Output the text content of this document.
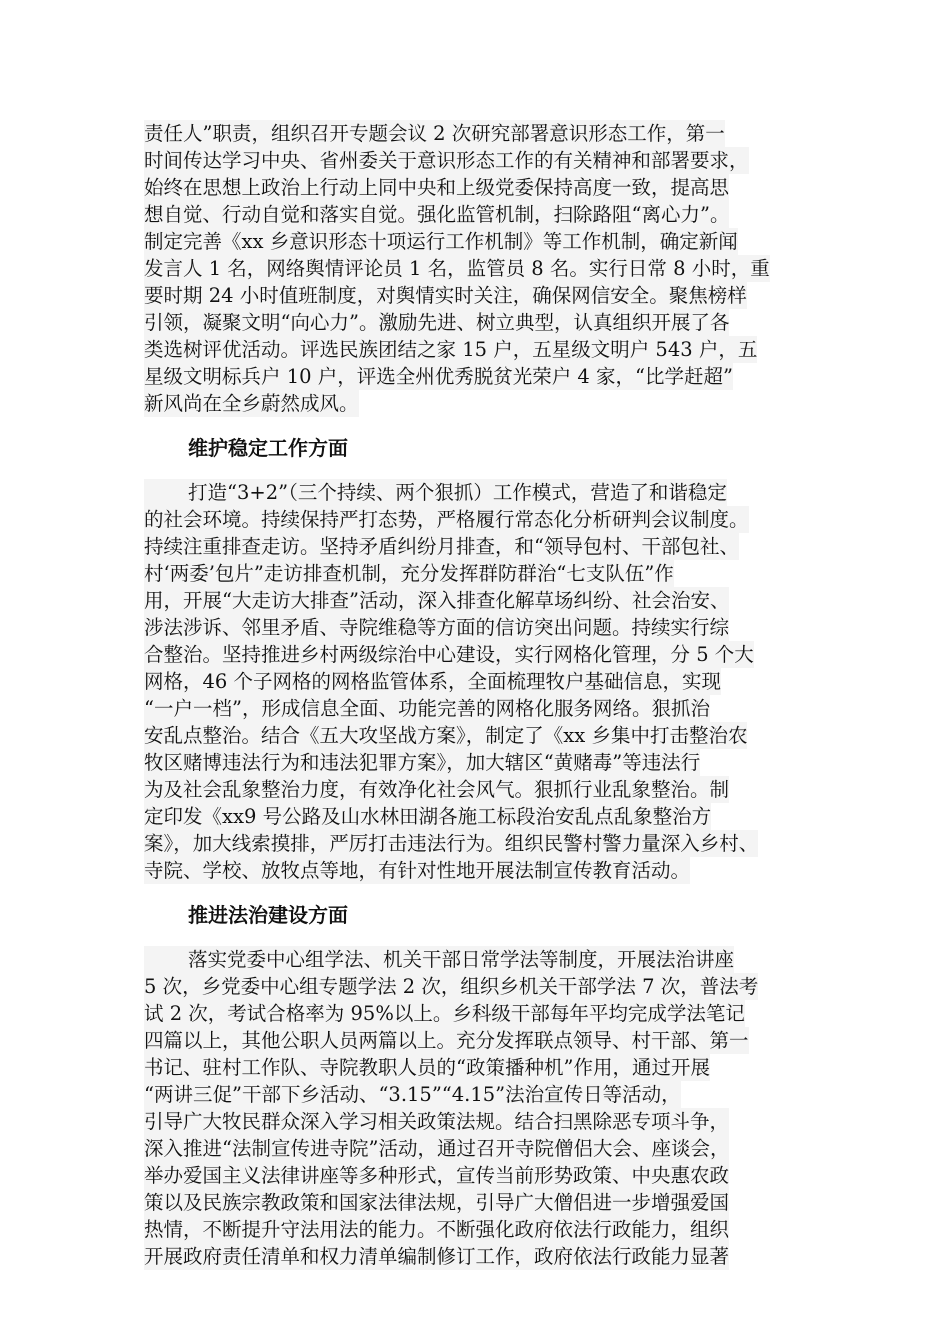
责任人”职责，组织召开专题会议 2 次研究部署意识形态工作，第一
时间传达学习中央、省州委关于意识形态工作的有关精神和部署要求，
始终在思想上政治上行动上同中央和上级党委保持高度一致，提高思
想自觉、行动自觉和落实自觉。强化监管机制，扫除路阻“离心力”。
制定完善《xx 乡意识形态十项运行工作机制》等工作机制，确定新闻
发言人 1 名，网络舆情评论员 1 名，监管员 8 名。实行日常 8 小时，重
要时期 24 小时值班制度，对舆情实时关注，确保网信安全。聚焦榜样
引领，凝聚文明“向心力”。激励先进、树立典型，认真组织开展了各
类选树评优活动。评选民族团结之家 15 户，五星级文明户 543 户，五
星级文明标兵户 10 户，评选全州优秀脱贫光荣户 4 家，“比学赶超”
新风尚在全乡蔚然成风。
维护稳定工作方面
打造“3+2”（三个持续、两个狠抓）工作模式，营造了和谐稳定
的社会环境。持续保持严打态势，严格履行常态化分析研判会议制度。
持续注重排查走访。坚持矛盾纠纷月排查，和“领导包村、干部包社、
村‘两委’包片”走访排查机制，充分发挥群防群治“七支队伍”作
用，开展“大走访大排查”活动，深入排查化解草场纠纷、社会治安、
涉法涉诉、邻里矛盾、寺院维稳等方面的信访突出问题。持续实行综
合整治。坚持推进乡村两级综治中心建设，实行网格化管理，分 5 个大
网格，46 个子网格的网格监管体系，全面梳理牧户基础信息，实现
“一户一档”，形成信息全面、功能完善的网格化服务网络。狠抓治
安乱点整治。结合《五大攻坚战方案》，制定了《xx 乡集中打击整治农
牧区赌博违法行为和违法犯罪方案》，加大辖区“黄赌毒”等违法行
为及社会乱象整治力度，有效净化社会风气。狠抓行业乱象整治。制
定印发《xx9 号公路及山水林田湖各施工标段治安乱点乱象整治方
案》，加大线索摸排，严厉打击违法行为。组织民警村警力量深入乡村、
寺院、学校、放牧点等地，有针对性地开展法制宣传教育活动。
推进法治建设方面
落实党委中心组学法、机关干部日常学法等制度，开展法治讲座
5 次，乡党委中心组专题学法 2 次，组织乡机关干部学法 7 次，普法考
试 2 次，考试合格率为 95%以上。乡科级干部每年平均完成学法笔记
四篇以上，其他公职人员两篇以上。充分发挥联点领导、村干部、第一
书记、驻村工作队、寺院教职人员的“政策播种机”作用，通过开展
“两讲三促”干部下乡活动、“3.15”“4.15”法治宣传日等活动，
引导广大牧民群众深入学习相关政策法规。结合扫黑除恶专项斗争，
深入推进“法制宣传进寺院”活动，通过召开寺院僧侣大会、座谈会，
举办爱国主义法律讲座等多种形式，宣传当前形势政策、中央惠农政
策以及民族宗教政策和国家法律法规，引导广大僧侣进一步增强爱国
热情，不断提升守法用法的能力。不断强化政府依法行政能力，组织
开展政府责任清单和权力清单编制修订工作，政府依法行政能力显著
